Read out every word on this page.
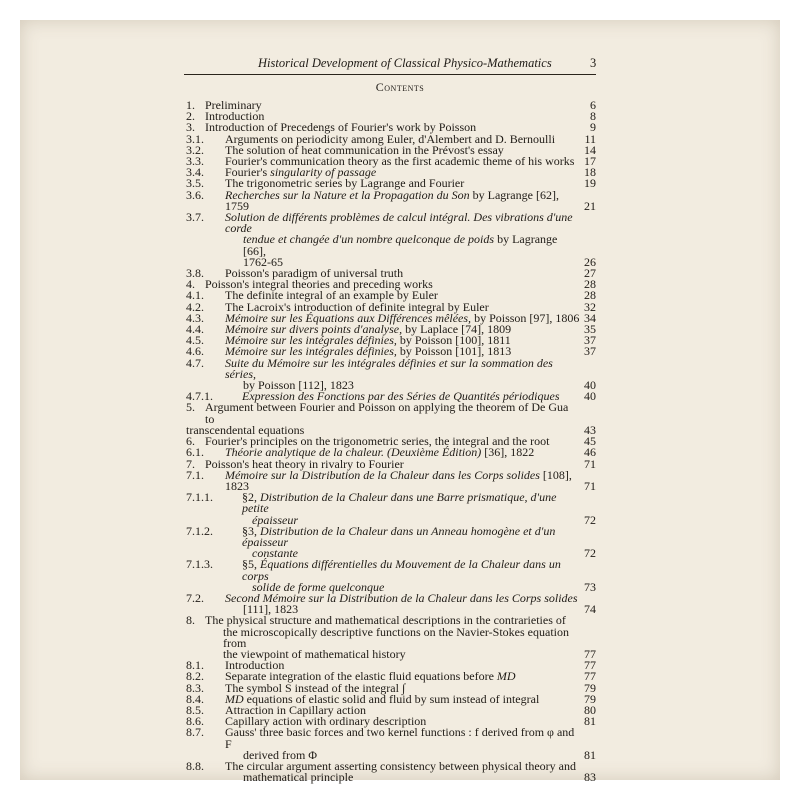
Historical Development of Classical Physico-Mathematics	3
Contents
1. Preliminary	6
2. Introduction	8
3. Introduction of Precedengs of Fourier's work by Poisson	9
3.1. Arguments on periodicity among Euler, d'Alembert and D. Bernoulli	11
3.2. The solution of heat communication in the Prévost's essay	14
3.3. Fourier's communication theory as the first academic theme of his works 17
3.4. Fourier's singularity of passage	18
3.5. The trigonometric series by Lagrange and Fourier	19
3.6. Recherches sur la Nature et la Propagation du Son by Lagrange [62], 1759	21
3.7. Solution de différents problèmes de calcul intégral. Des vibrations d'une corde
tendue et changée d'un nombre quelconque de poids by Lagrange [66],
1762-65	26
3.8. Poisson's paradigm of universal truth	27
4. Poisson's integral theories and preceding works	28
4.1. The definite integral of an example by Euler	28
4.2. The Lacroix's introduction of definite integral by Euler	32
4.3. Mémoire sur les Équations aux Différences mêlées, by Poisson [97], 1806 34
4.4. Mémoire sur divers points d'analyse, by Laplace [74], 1809	35
4.5. Mémoire sur les intégrales définies, by Poisson [100], 1811	37
4.6. Mémoire sur les intégrales définies, by Poisson [101], 1813	37
4.7. Suite du Mémoire sur les intégrales définies et sur la sommation des séries,
by Poisson [112], 1823	40
4.7.1. Expression des Fonctions par des Séries de Quantités périodiques	40
5. Argument between Fourier and Poisson on applying the theorem of De Gua to
transcendental equations	43
6. Fourier's principles on the trigonometric series, the integral and the root	45
6.1. Théorie analytique de la chaleur. (Deuxième Édition) [36], 1822	46
7. Poisson's heat theory in rivalry to Fourier	71
7.1. Mémoire sur la Distribution de la Chaleur dans les Corps solides [108], 1823	71
7.1.1. §2, Distribution de la Chaleur dans une Barre prismatique, d'une petite
épaisseur	72
7.1.2. §3, Distribution de la Chaleur dans un Anneau homogène et d'un épaisseur
constante	72
7.1.3. §5, Équations différentielles du Mouvement de la Chaleur dans un corps
solide de forme quelconque	73
7.2. Second Mémoire sur la Distribution de la Chaleur dans les Corps solides
[111], 1823	74
8. The physical structure and mathematical descriptions in the contrarieties of
the microscopically descriptive functions on the Navier-Stokes equation from
the viewpoint of mathematical history	77
8.1. Introduction	77
8.2. Separate integration of the elastic fluid equations before MD	77
8.3. The symbol S instead of the integral ∫	79
8.4. MD equations of elastic solid and fluid by sum instead of integral	79
8.5. Attraction in Capillary action	80
8.6. Capillary action with ordinary description	81
8.7. Gauss' three basic forces and two kernel functions : f derived from φ and F
derived from Φ	81
8.8. The circular argument asserting consistency between physical theory and
mathematical principle	83
